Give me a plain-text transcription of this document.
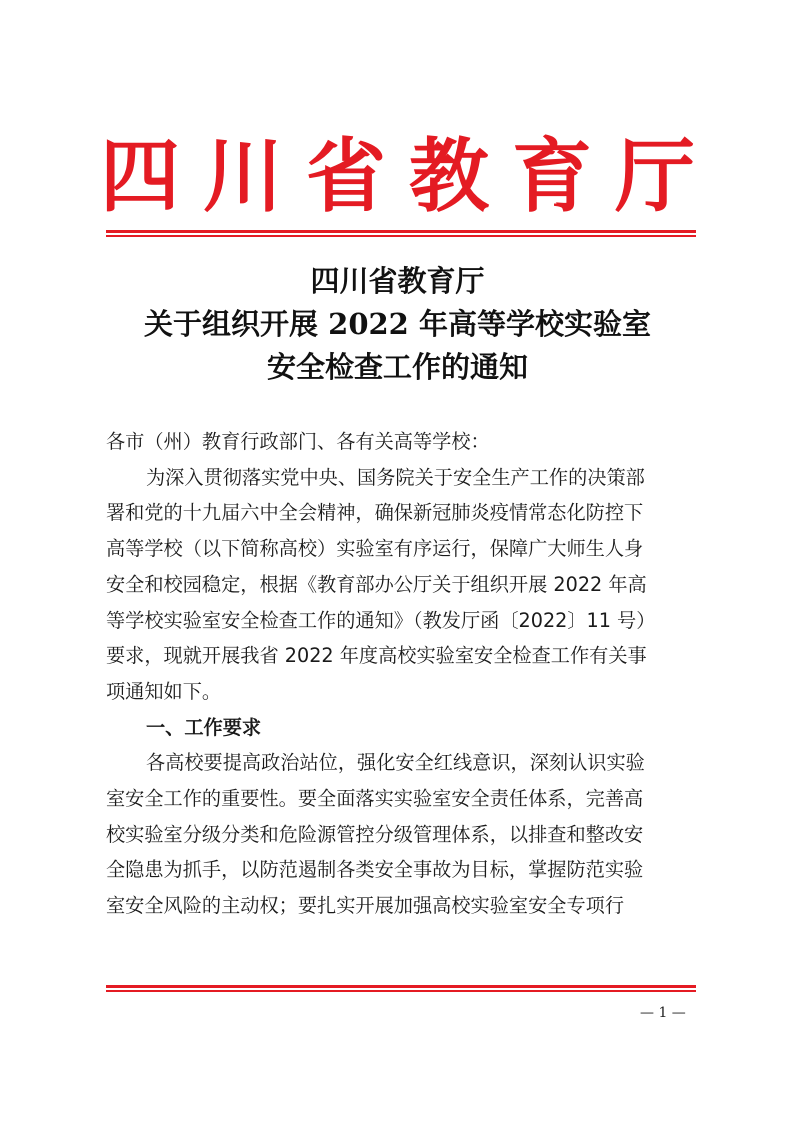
四 川 省 教 育 厅
四川省教育厅
关于组织开展 2022 年高等学校实验室
安全检查工作的通知
各市（州）教育行政部门、各有关高等学校：
为深入贯彻落实党中央、国务院关于安全生产工作的决策部
署和党的十九届六中全会精神，确保新冠肺炎疫情常态化防控下
高等学校（以下简称高校）实验室有序运行，保障广大师生人身
安全和校园稳定，根据《教育部办公厅关于组织开展 2022 年高
等学校实验室安全检查工作的通知》（教发厅函〔2022〕11 号）
要求，现就开展我省 2022 年度高校实验室安全检查工作有关事
项通知如下。
一、工作要求
各高校要提高政治站位，强化安全红线意识，深刻认识实验
室安全工作的重要性。要全面落实实验室安全责任体系，完善高
校实验室分级分类和危险源管控分级管理体系，以排查和整改安
全隐患为抓手，以防范遏制各类安全事故为目标，掌握防范实验
室安全风险的主动权；要扎实开展加强高校实验室安全专项行
— 1 —
